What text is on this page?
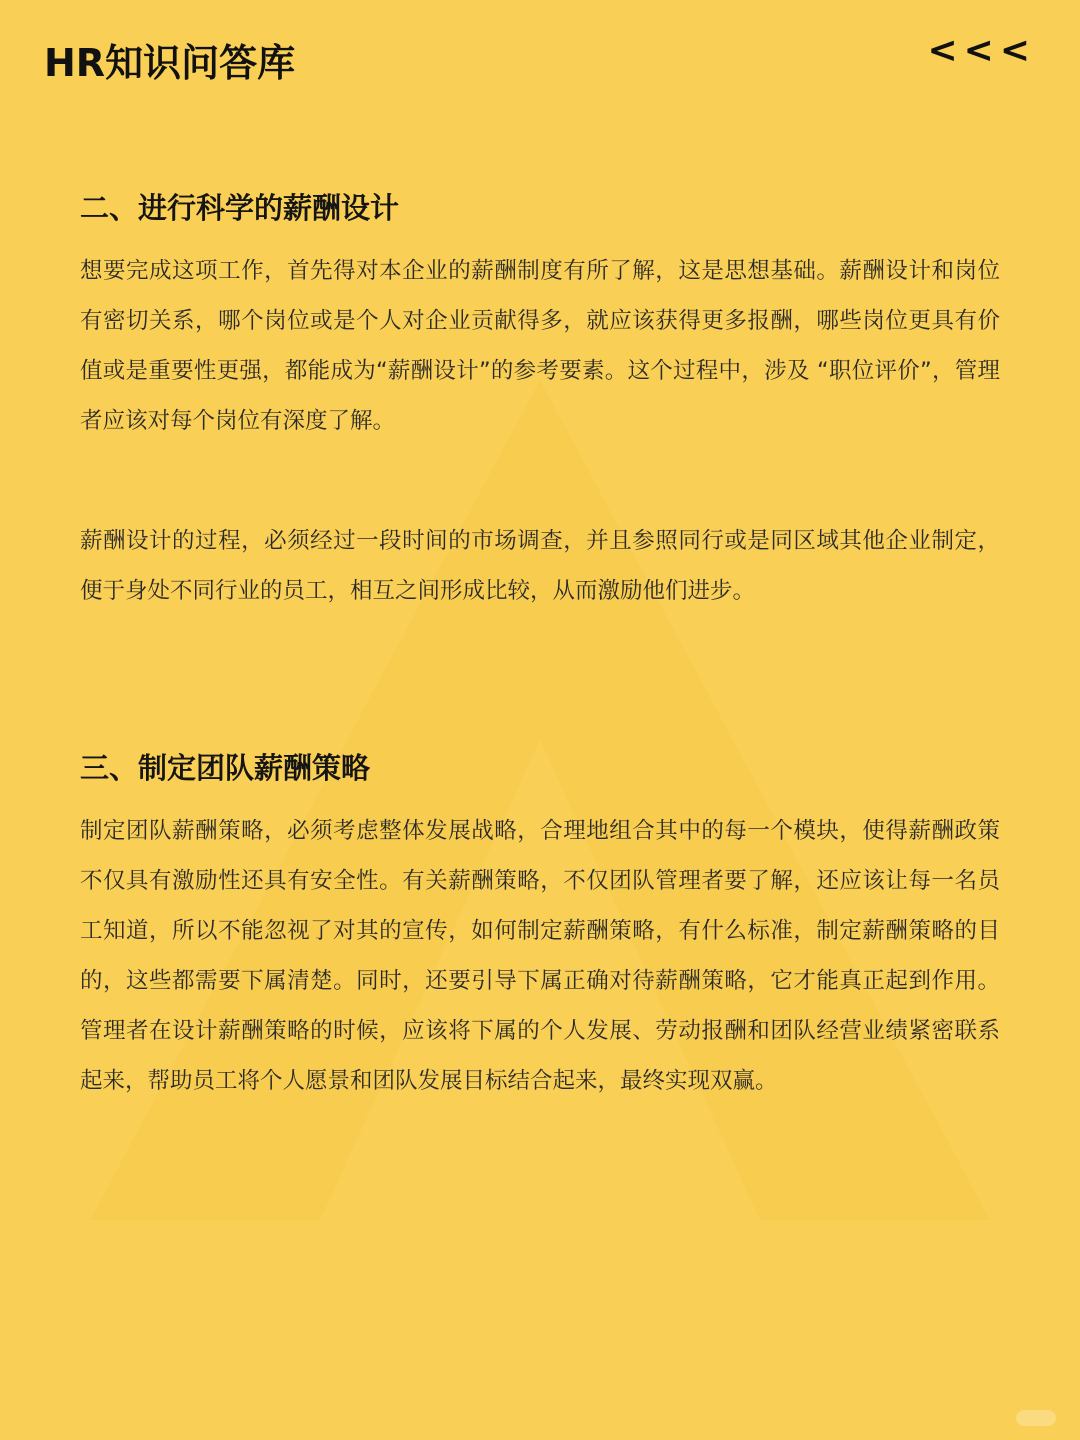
HR知识问答库	<<<
二、进行科学的薪酬设计

想要完成这项工作，首先得对本企业的薪酬制度有所了解，这是思想基础。薪酬设计和岗位有密切关系，哪个岗位或是个人对企业贡献得多，就应该获得更多报酬，哪些岗位更具有价值或是重要性更强，都能成为“薪酬设计”的参考要素。这个过程中，涉及 “职位评价”，管理者应该对每个岗位有深度了解。

薪酬设计的过程，必须经过一段时间的市场调查，并且参照同行或是同区域其他企业制定，便于身处不同行业的员工，相互之间形成比较，从而激励他们进步。

三、制定团队薪酬策略

制定团队薪酬策略，必须考虑整体发展战略，合理地组合其中的每一个模块，使得薪酬政策不仅具有激励性还具有安全性。有关薪酬策略，不仅团队管理者要了解，还应该让每一名员工知道，所以不能忽视了对其的宣传，如何制定薪酬策略，有什么标准，制定薪酬策略的目的，这些都需要下属清楚。同时，还要引导下属正确对待薪酬策略，它才能真正起到作用。管理者在设计薪酬策略的时候，应该将下属的个人发展、劳动报酬和团队经营业绩紧密联系起来，帮助员工将个人愿景和团队发展目标结合起来，最终实现双赢。
